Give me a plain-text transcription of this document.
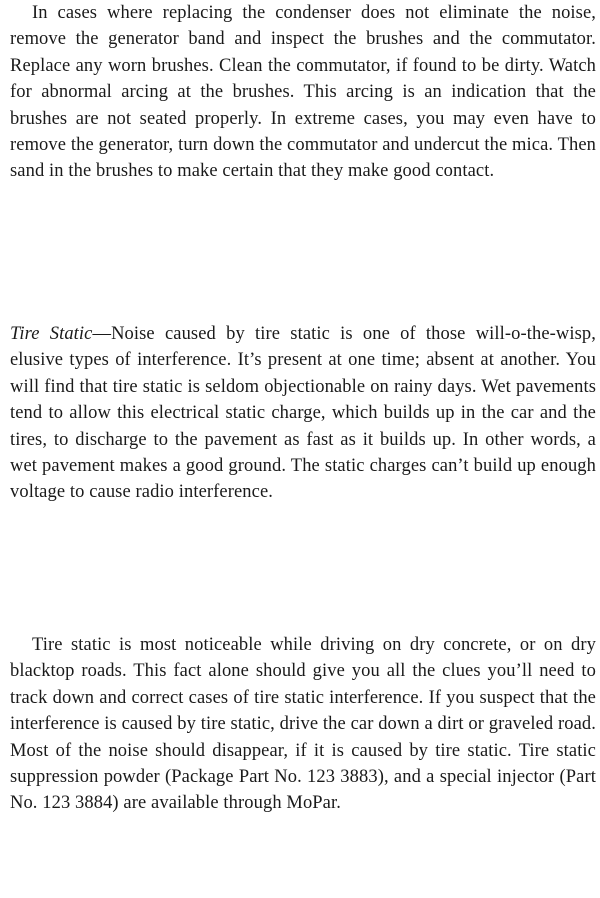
In cases where replacing the condenser does not eliminate the noise, remove the generator band and inspect the brushes and the commutator. Replace any worn brushes. Clean the commutator, if found to be dirty. Watch for abnormal arcing at the brushes. This arcing is an indication that the brushes are not seated properly. In extreme cases, you may even have to remove the generator, turn down the commutator and undercut the mica. Then sand in the brushes to make certain that they make good contact.

Tire Static—Noise caused by tire static is one of those will-o-the-wisp, elusive types of interference. It’s present at one time; absent at another. You will find that tire static is seldom objectionable on rainy days. Wet pavements tend to allow this electrical static charge, which builds up in the car and the tires, to discharge to the pavement as fast as it builds up. In other words, a wet pavement makes a good ground. The static charges can’t build up enough voltage to cause radio interference.

Tire static is most noticeable while driving on dry concrete, or on dry blacktop roads. This fact alone should give you all the clues you’ll need to track down and correct cases of tire static interference. If you suspect that the interference is caused by tire static, drive the car down a dirt or graveled road. Most of the noise should disappear, if it is caused by tire static. Tire static suppression powder (Package Part No. 123 3883), and a special injector (Part No. 123 3884) are available through MoPar.
